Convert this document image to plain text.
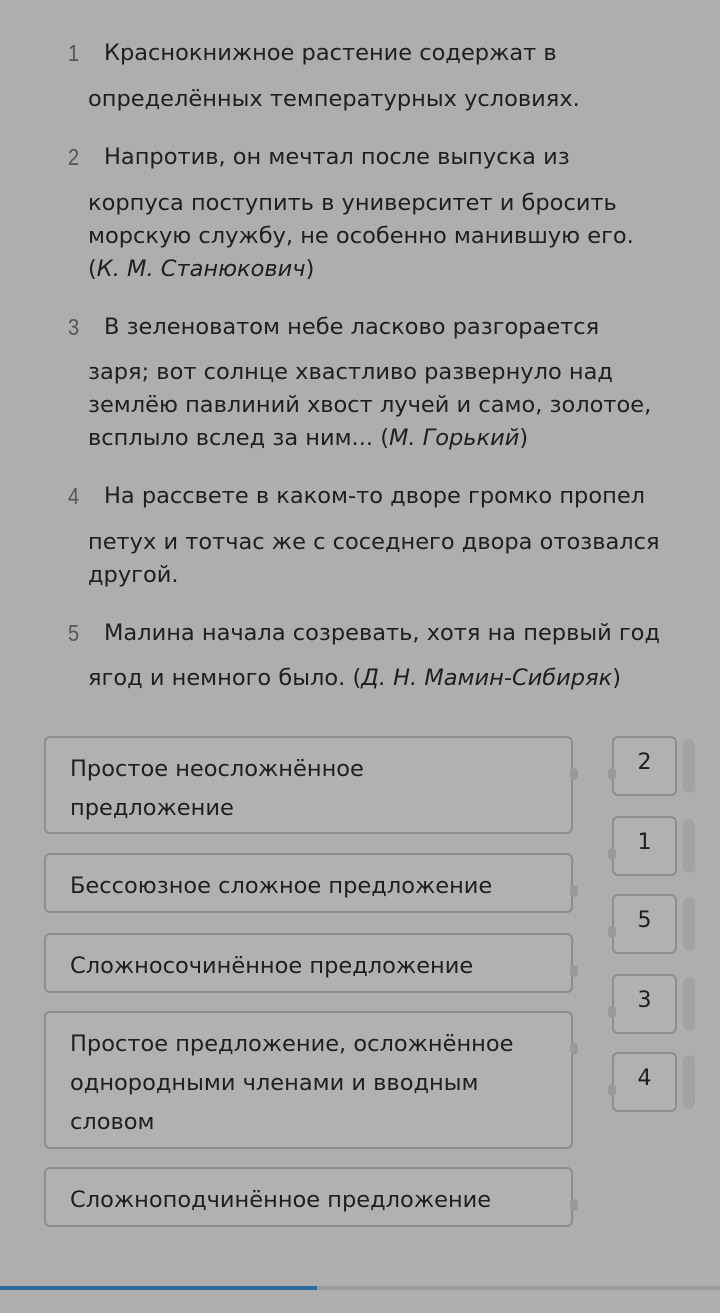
1 Краснокнижное растение содержат в
определённых температурных условиях.
2 Напротив, он мечтал после выпуска из
корпуса поступить в университет и бросить
морскую службу, не особенно манившую его.
(К. М. Станюкович)
3 В зеленоватом небе ласково разгорается
заря; вот солнце хвастливо развернуло над
землёю павлиний хвост лучей и само, золотое,
всплыло вслед за ним... (М. Горький)
4 На рассвете в каком-то дворе громко пропел
петух и тотчас же с соседнего двора отозвался
другой.
5 Малина начала созревать, хотя на первый год
ягод и немного было. (Д. Н. Мамин-Сибиряк)
Простое неосложнённое
предложение
Бессоюзное сложное предложение
Сложносочинённое предложение
Простое предложение, осложнённое
однородными членами и вводным
словом
Сложноподчинённое предложение
2
1
5
3
4
